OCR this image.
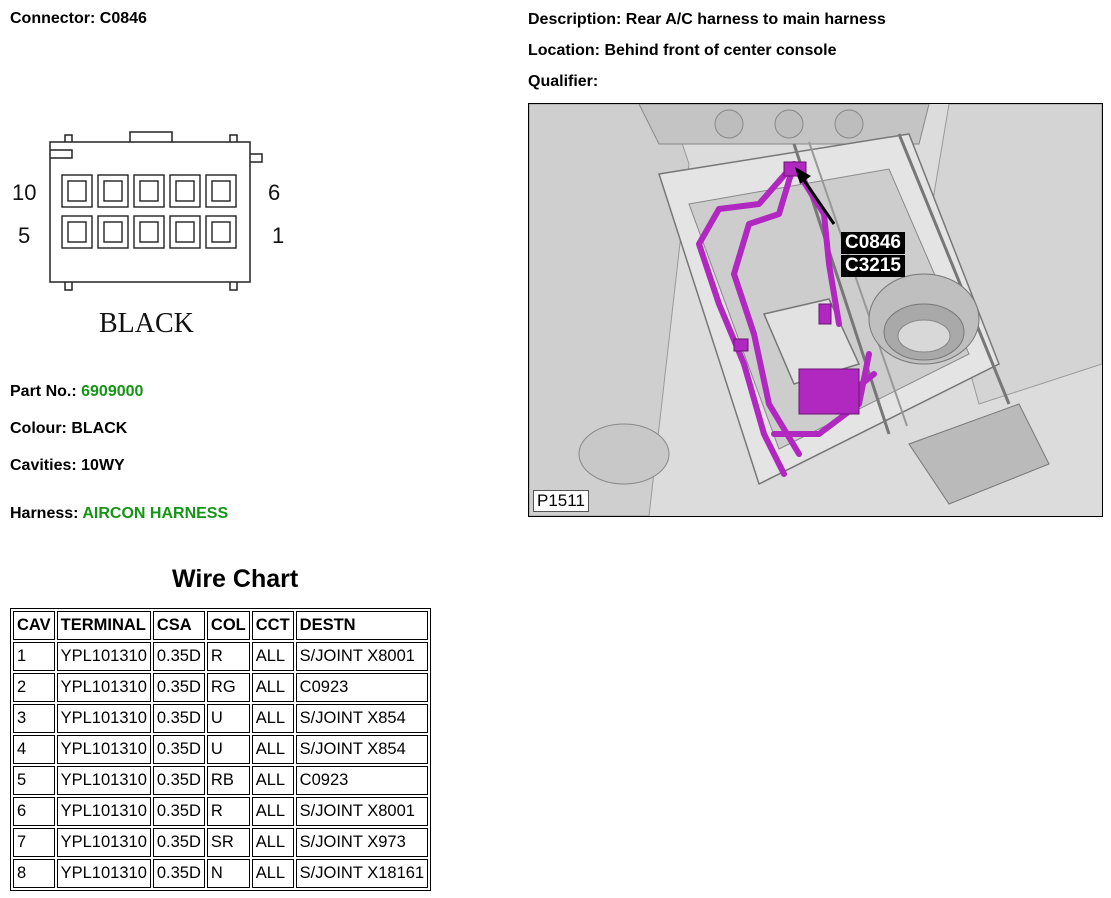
Connector: C0846	Description: Rear A/C harness to main harness
Location: Behind front of center console
Qualifier:
10	6
5	1
BLACK
Part No.: 6909000
Colour: BLACK
Cavities: 10WY
Harness: AIRCON HARNESS
Wire Chart
CAV	TERMINAL	CSA	COL	CCT	DESTN
1	YPL101310	0.35D	R	ALL	S/JOINT X8001
2	YPL101310	0.35D	RG	ALL	C0923
3	YPL101310	0.35D	U	ALL	S/JOINT X854
4	YPL101310	0.35D	U	ALL	S/JOINT X854
5	YPL101310	0.35D	RB	ALL	C0923
6	YPL101310	0.35D	R	ALL	S/JOINT X8001
7	YPL101310	0.35D	SR	ALL	S/JOINT X973
8	YPL101310	0.35D	N	ALL	S/JOINT X18161
C0846
C3215
P1511
